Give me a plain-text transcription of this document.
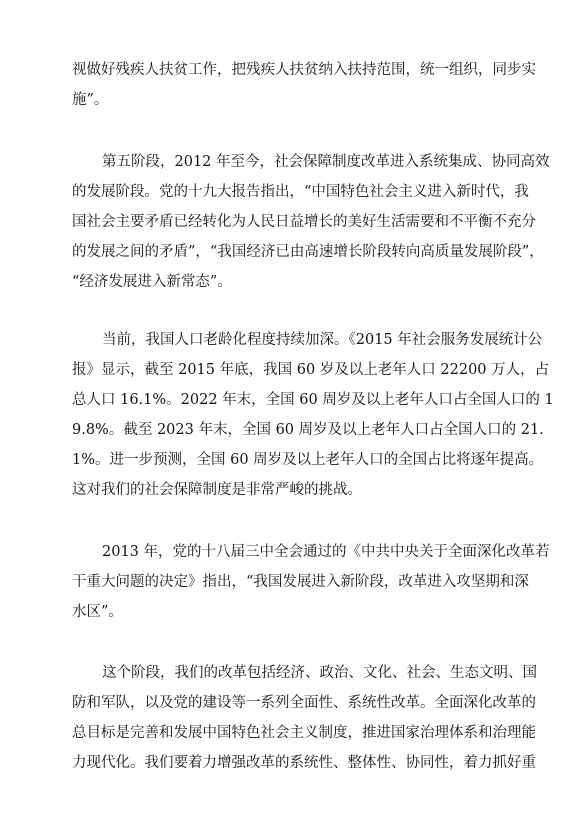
视做好残疾人扶贫工作，把残疾人扶贫纳入扶持范围，统一组织，同步实
施”。
第五阶段，2012 年至今，社会保障制度改革进入系统集成、协同高效
的发展阶段。党的十九大报告指出，“中国特色社会主义进入新时代，我
国社会主要矛盾已经转化为人民日益增长的美好生活需要和不平衡不充分
的发展之间的矛盾”，“我国经济已由高速增长阶段转向高质量发展阶段”，
“经济发展进入新常态”。
当前，我国人口老龄化程度持续加深。《2015 年社会服务发展统计公
报》显示，截至 2015 年底，我国 60 岁及以上老年人口 22200 万人，占
总人口 16.1%。2022 年末，全国 60 周岁及以上老年人口占全国人口的 1
9.8%。截至 2023 年末，全国 60 周岁及以上老年人口占全国人口的 21.
1%。进一步预测，全国 60 周岁及以上老年人口的全国占比将逐年提高。
这对我们的社会保障制度是非常严峻的挑战。
2013 年，党的十八届三中全会通过的《中共中央关于全面深化改革若
干重大问题的决定》指出，“我国发展进入新阶段，改革进入攻坚期和深
水区”。
这个阶段，我们的改革包括经济、政治、文化、社会、生态文明、国
防和军队，以及党的建设等一系列全面性、系统性改革。全面深化改革的
总目标是完善和发展中国特色社会主义制度，推进国家治理体系和治理能
力现代化。我们要着力增强改革的系统性、整体性、协同性，着力抓好重
